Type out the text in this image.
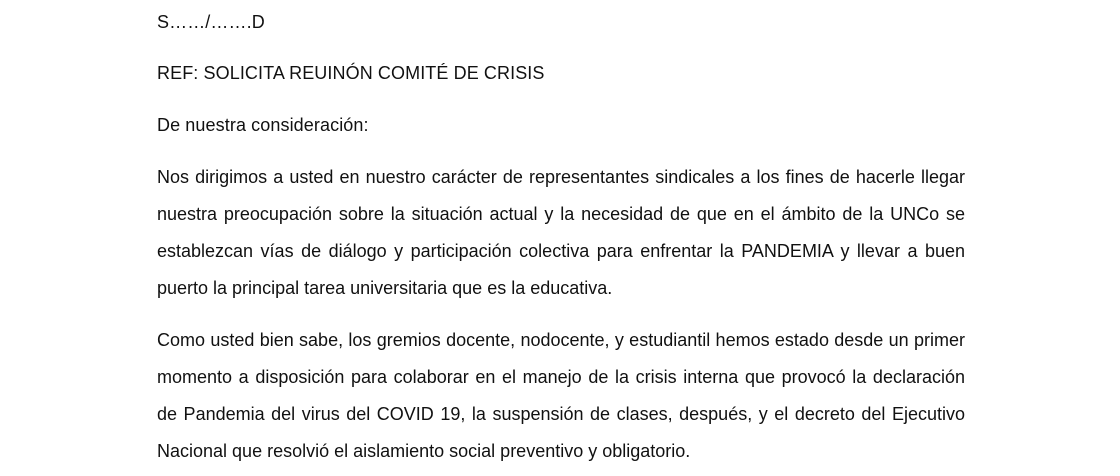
S……/…….D
REF: SOLICITA REUINÓN COMITÉ DE CRISIS
De nuestra consideración:
Nos dirigimos a usted en nuestro carácter de representantes sindicales a los fines de hacerle llegar
nuestra preocupación sobre la situación actual y la necesidad de que en el ámbito de la UNCo se
establezcan vías de diálogo y participación colectiva para enfrentar la PANDEMIA y llevar a buen
puerto la principal tarea universitaria que es la educativa.
Como usted bien sabe, los gremios docente, nodocente, y estudiantil hemos estado desde un primer
momento a disposición para colaborar en el manejo de la crisis interna que provocó la declaración
de Pandemia del virus del COVID 19, la suspensión de clases, después, y el decreto del Ejecutivo
Nacional que resolvió el aislamiento social preventivo y obligatorio.
